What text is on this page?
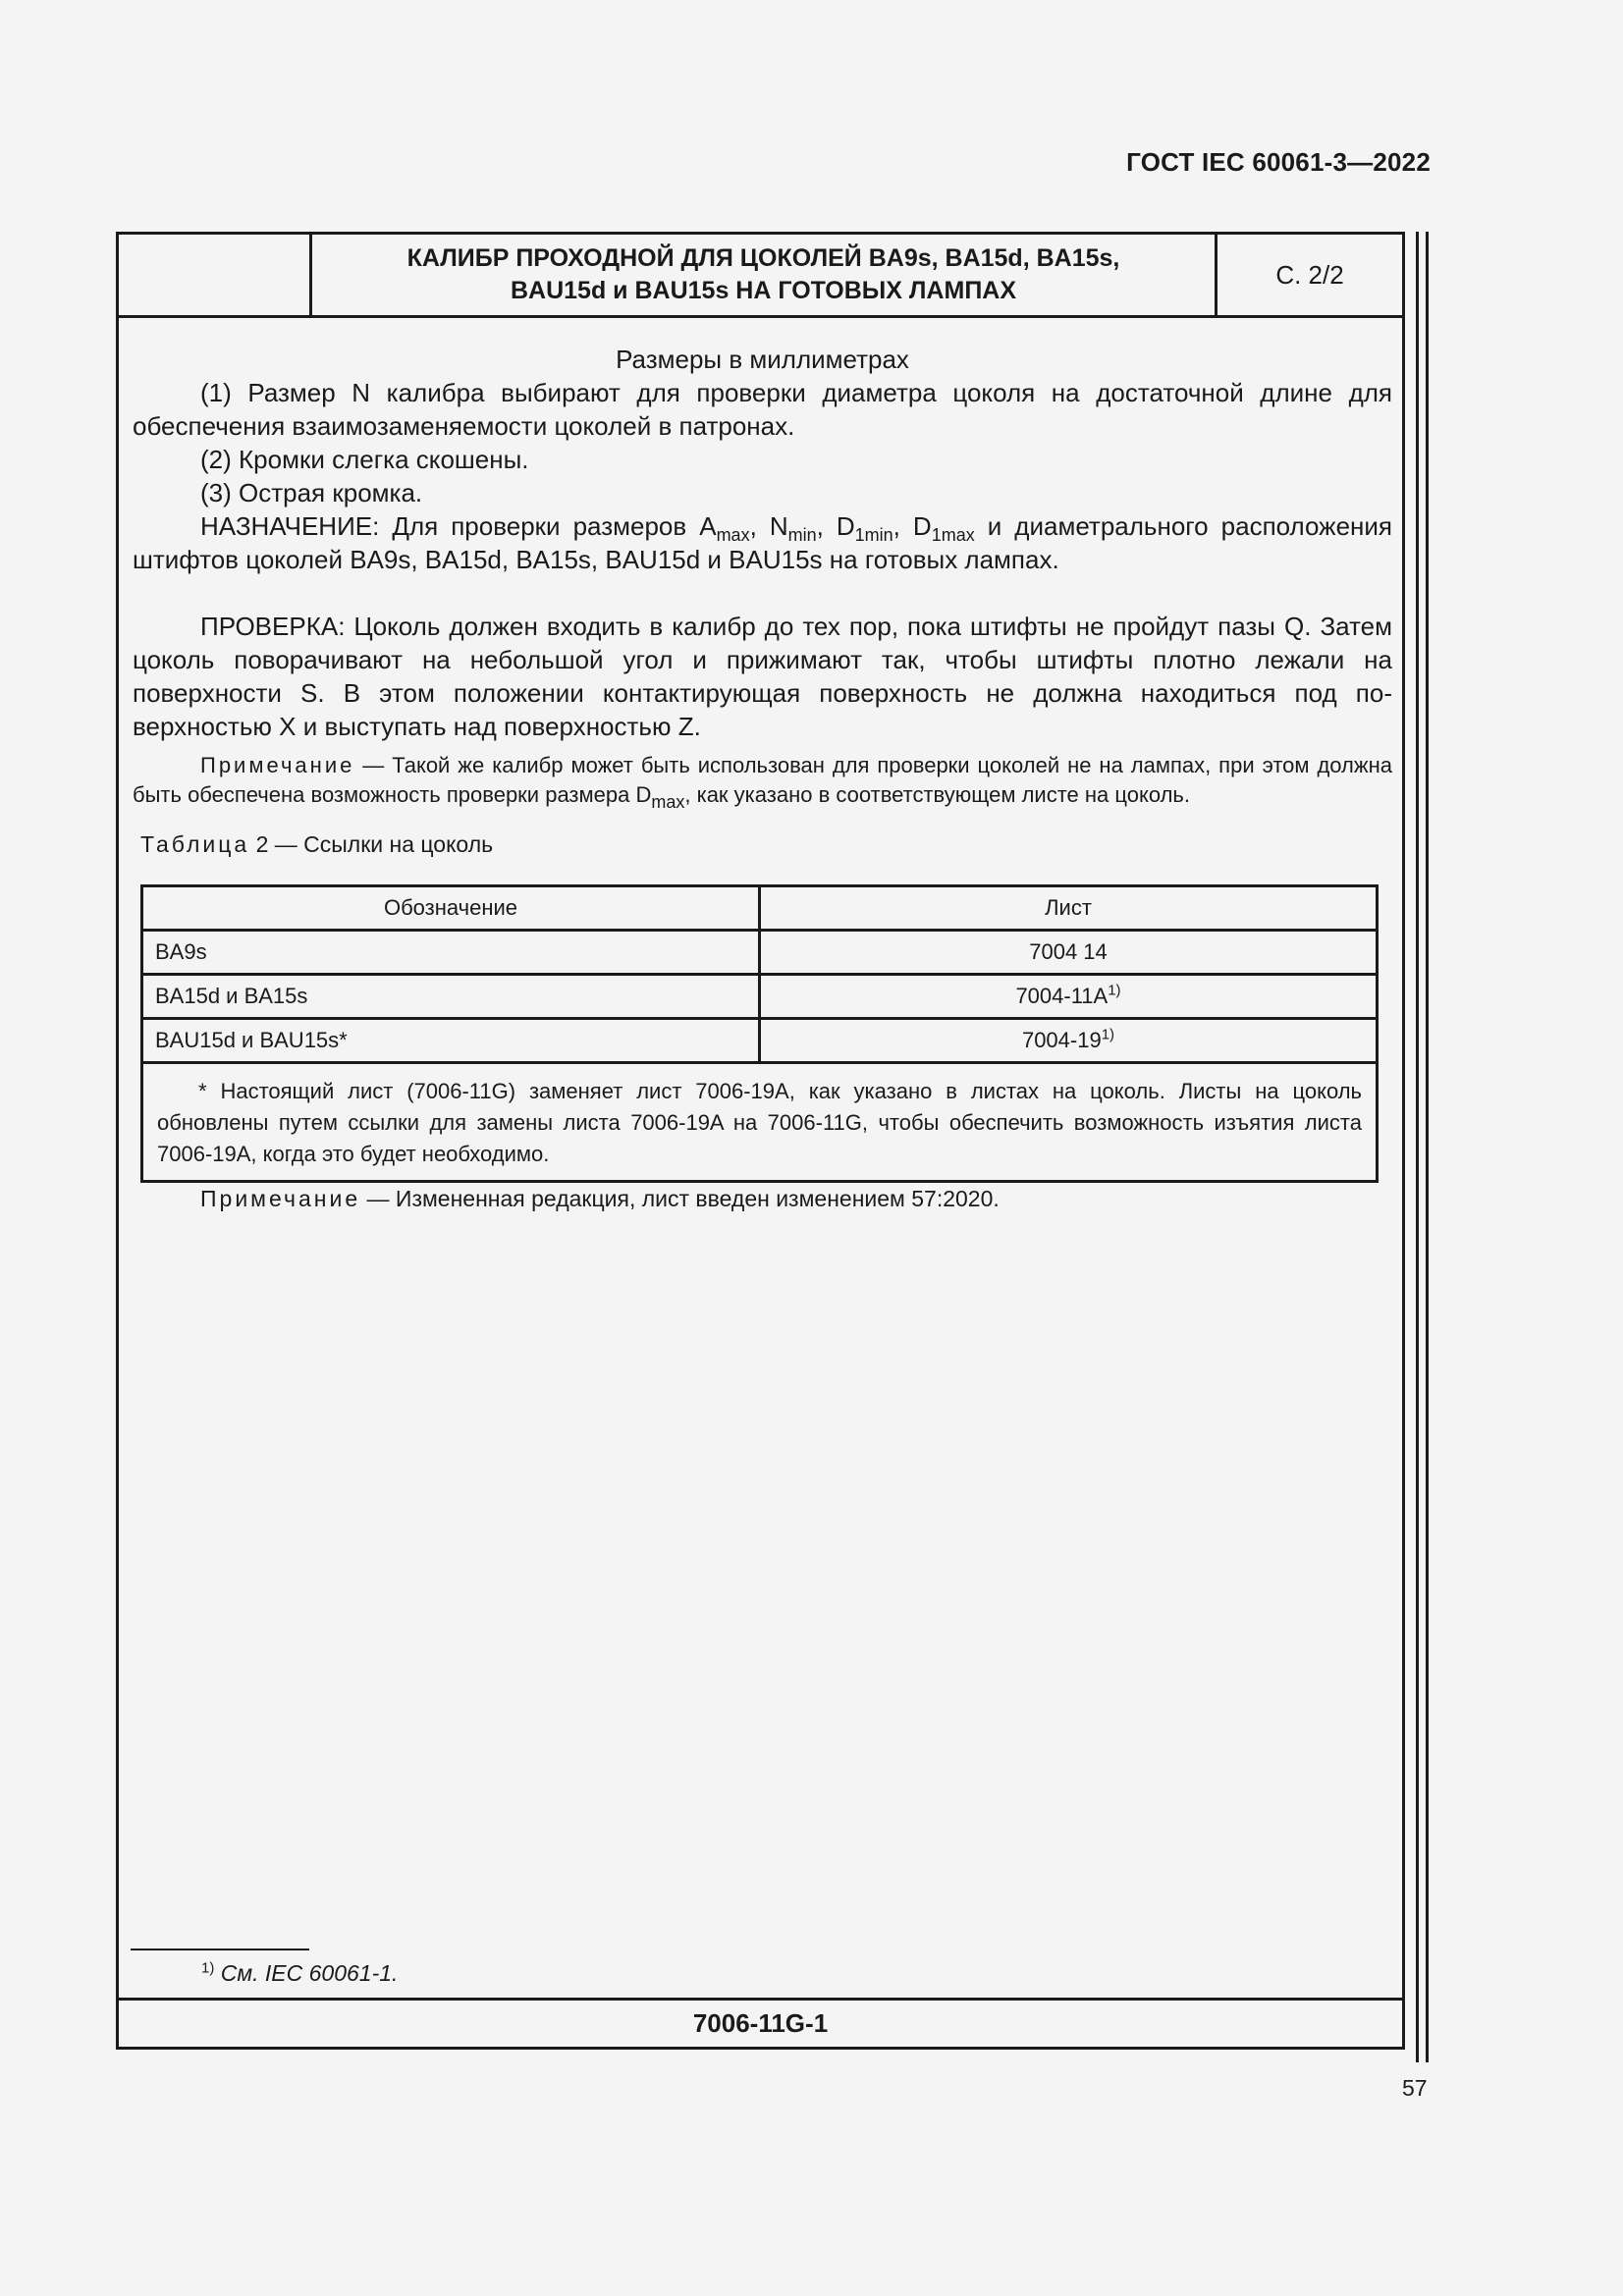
ГОСТ IEC 60061-3—2022
КАЛИБР ПРОХОДНОЙ ДЛЯ ЦОКОЛЕЙ BA9s, BA15d, BA15s,
BAU15d и BAU15s НА ГОТОВЫХ ЛАМПАХ
С. 2/2

Размеры в миллиметрах

(1) Размер N калибра выбирают для проверки диаметра цоколя на достаточной длине для обеспечения взаимозаменяемости цоколей в патронах.

(2) Кромки слегка скошены.

(3) Острая кромка.

НАЗНАЧЕНИЕ: Для проверки размеров $A_{max}$, $N_{min}$, $D_{1min}$, $D_{1max}$ и диаметрального расположения штифтов цоколей BA9s, BA15d, BA15s, BAU15d и BAU15s на готовых лампах.

ПРОВЕРКА: Цоколь должен входить в калибр до тех пор, пока штифты не пройдут пазы Q. Затем цоколь поворачивают на небольшой угол и прижимают так, чтобы штифты плотно лежали на поверхности S. В этом положении контактирующая поверхность не должна находиться под поверхностью X и выступать над поверхностью Z.

Примечание — Такой же калибр может быть использован для проверки цоколей не на лампах, при этом должна быть обеспечена возможность проверки размера $D_{max}$, как указано в соответствующем листе на цоколь.

Таблица 2 — Ссылки на цоколь
Обозначение	Лист
BA9s	7004 14
BA15d и BA15s	$7004-11A^{1)}$
BAU15d и BAU15s*	7004-19$^{1)}$

* Настоящий лист (7006-11G) заменяет лист 7006-19A, как указано в листах на цоколь. Листы на цоколь обновлены путем ссылки для замены листа 7006-19A на 7006-11G, чтобы обеспечить возможность изъятия листа 7006-19A, когда это будет необходимо.	

Примечание — Измененная редакция, лист введен изменением 57:2020.

$^{1)}$ См. IEC 60061-1.
7006-11G-1
57
